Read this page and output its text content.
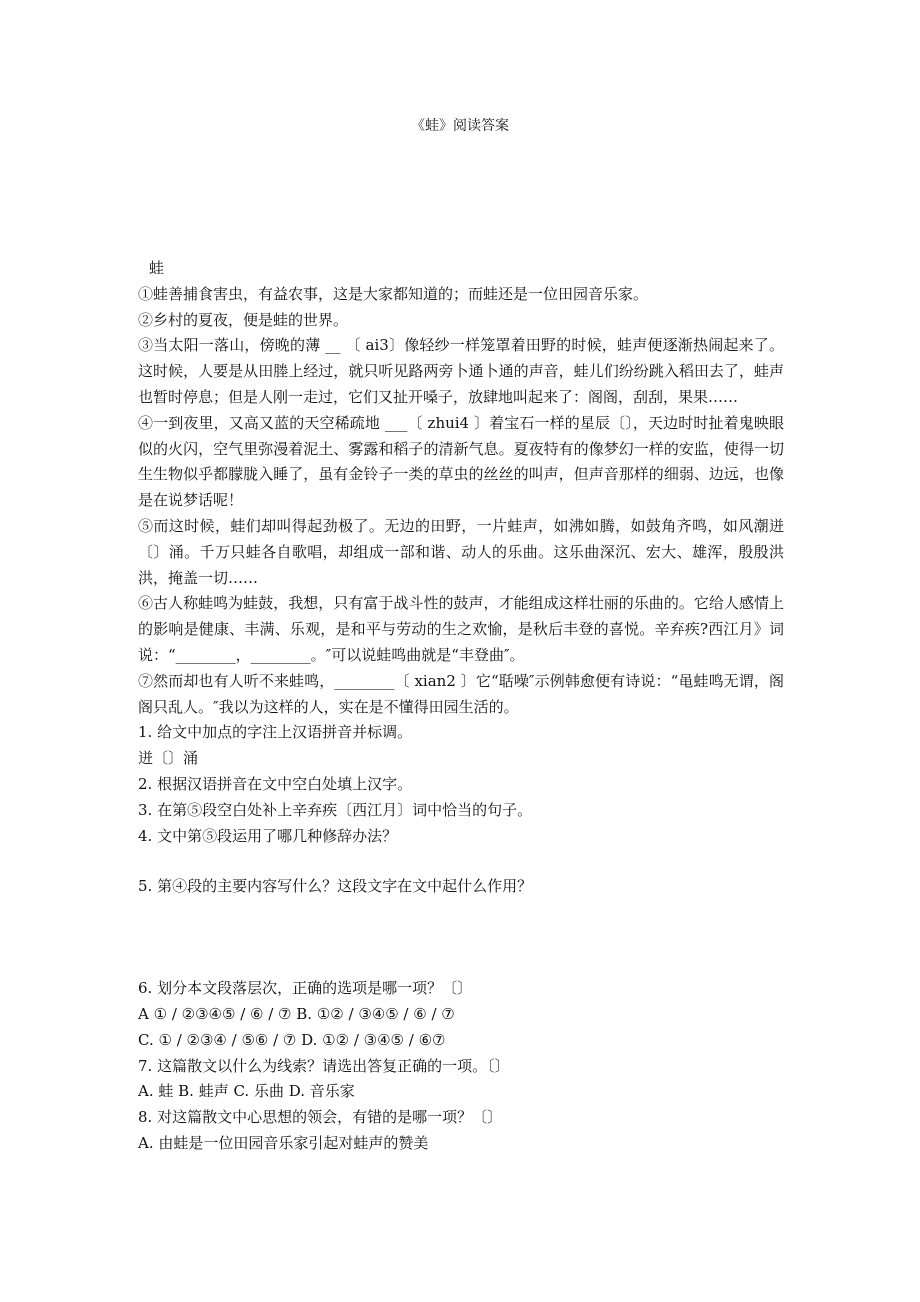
《蛙》阅读答案

蛙

①蛙善捕食害虫，有益农事，这是大家都知道的；而蛙还是一位田园音乐家。

②乡村的夏夜，便是蛙的世界。

③当太阳一落山，傍晚的薄 __ 〔 ai3〕像轻纱一样笼罩着田野的时候，蛙声便逐渐热闹起来了。这时候，人要是从田塍上经过，就只听见路两旁卜通卜通的声音，蛙儿们纷纷跳入稻田去了，蛙声也暂时停息；但是人刚一走过，它们又扯开嗓子，放肆地叫起来了：阁阁，刮刮，果果……

④一到夜里，又高又蓝的天空稀疏地 ___〔 zhui4 〕着宝石一样的星辰〔〕，天边时时扯着鬼映眼似的火闪，空气里弥漫着泥土、雾露和稻子的清新气息。夏夜特有的像梦幻一样的安监，使得一切生生物似乎都朦胧入睡了，虽有金铃子一类的草虫的丝丝的叫声，但声音那样的细弱、边远，也像是在说梦话呢！

⑤而这时候，蛙们却叫得起劲极了。无边的田野，一片蛙声，如沸如腾，如鼓角齐鸣，如风潮迸〔〕涌。千万只蛙各自歌唱，却组成一部和谐、动人的乐曲。这乐曲深沉、宏大、雄浑，殷殷洪洪，掩盖一切……

⑥古人称蛙鸣为蛙鼓，我想，只有富于战斗性的鼓声，才能组成这样壮丽的乐曲的。它给人感情上的影响是健康、丰满、乐观，是和平与劳动的生之欢愉，是秋后丰登的喜悦。辛弃疾?西江月》词说：“________，________。″可以说蛙鸣曲就是“丰登曲″。

⑦然而却也有人听不来蛙鸣，________〔 xian2 〕它“聒噪″示例韩愈便有诗说：“黾蛙鸣无谓，阁阁只乱人。″我以为这样的人，实在是不懂得田园生活的。

1. 给文中加点的字注上汉语拼音并标调。

迸〔〕涌

2. 根据汉语拼音在文中空白处填上汉字。

3. 在第⑤段空白处补上辛弃疾〔西江月〕词中恰当的句子。

4. 文中第⑤段运用了哪几种修辞办法？

5. 第④段的主要内容写什么？这段文字在文中起什么作用？

6. 划分本文段落层次，正确的选项是哪一项？〔〕

A ① / ②③④⑤ / ⑥ / ⑦ B. ①② / ③④⑤ / ⑥ / ⑦

C. ① / ②③④ / ⑤⑥ / ⑦ D. ①② / ③④⑤ / ⑥⑦

7. 这篇散文以什么为线索？请选出答复正确的一项。〔〕

A. 蛙 B. 蛙声 C. 乐曲 D. 音乐家

8. 对这篇散文中心思想的领会，有错的是哪一项？〔〕

A. 由蛙是一位田园音乐家引起对蛙声的赞美
